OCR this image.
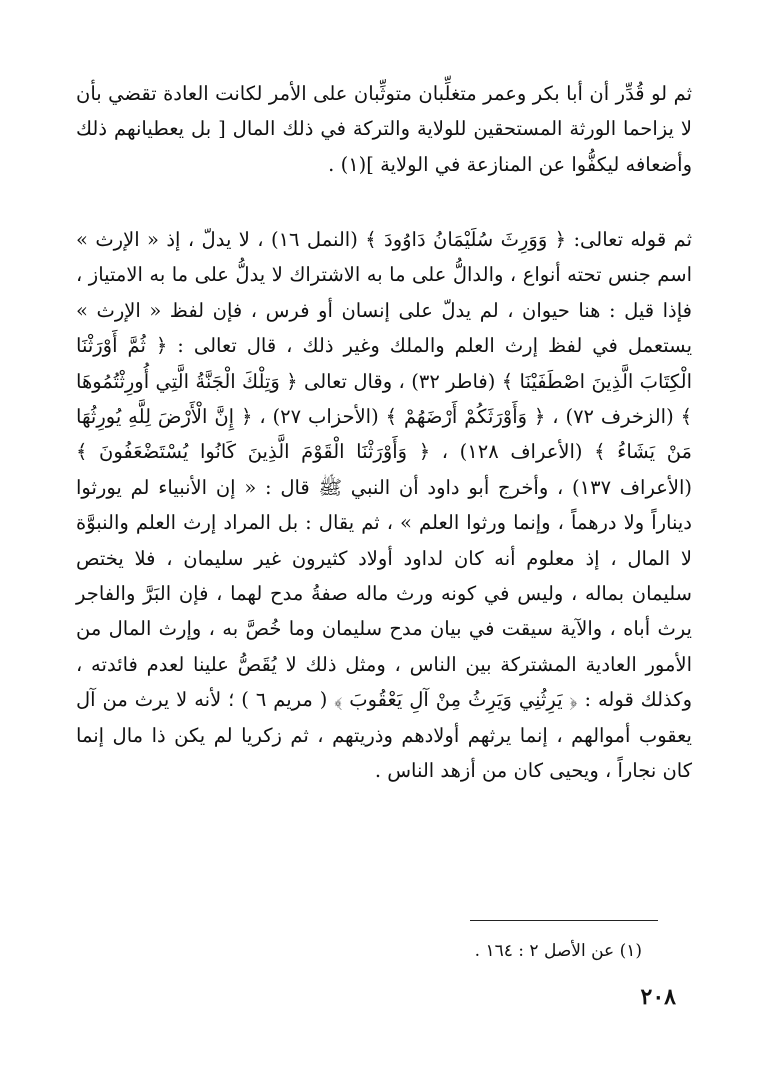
ثم لو قُدِّر أن أبا بكر وعمر متغلِّبان متوثِّبان على الأمر لكانت العادة تقضي بأن لا يزاحما الورثة المستحقين للولاية والتركة في ذلك المال [ بل يعطيانهم ذلك وأضعافه ليكفُّوا عن المنازعة في الولاية ](١) .

ثم قوله تعالى: ﴿ وَوَرِثَ سُلَيْمَانُ دَاوُودَ ﴾ (النمل ١٦) ، لا يدلّ ، إذ « الإرث » اسم جنس تحته أنواع ، والدالُّ على ما به الاشتراك لا يدلُّ على ما به الامتياز ، فإذا قيل : هنا حيوان ، لم يدلّ على إنسان أو فرس ، فإن لفظ « الإرث » يستعمل في لفظ إرث العلم والملك وغير ذلك ، قال تعالى : ﴿ ثُمَّ أَوْرَثْنَا الْكِتَابَ الَّذِينَ اصْطَفَيْنَا ﴾ (فاطر ٣٢) ، وقال تعالى ﴿ وَتِلْكَ الْجَنَّةُ الَّتِي أُورِثْتُمُوهَا ﴾ (الزخرف ٧٢) ، ﴿ وَأَوْرَثَكُمْ أَرْضَهُمْ ﴾ (الأحزاب ٢٧) ، ﴿ إِنَّ الْأَرْضَ لِلَّهِ يُورِثُهَا مَنْ يَشَاءُ ﴾ (الأعراف ١٢٨) ، ﴿ وَأَوْرَثْنَا الْقَوْمَ الَّذِينَ كَانُوا يُسْتَضْعَفُونَ ﴾ (الأعراف ١٣٧) ، وأخرج أبو داود أن النبي ﷺ قال : « إن الأنبياء لم يورثوا ديناراً ولا درهماً ، وإنما ورثوا العلم » ، ثم يقال : بل المراد إرث العلم والنبوَّة لا المال ، إذ معلوم أنه كان لداود أولاد كثيرون غير سليمان ، فلا يختص سليمان بماله ، وليس في كونه ورث ماله صفةُ مدح لهما ، فإن البَرَّ والفاجر يرث أباه ، والآية سيقت في بيان مدح سليمان وما خُصَّ به ، وإرث المال من الأمور العادية المشتركة بين الناس ، ومثل ذلك لا يُقَصُّ علينا لعدم فائدته ، وكذلك قوله : ﴿ يَرِثُنِي وَيَرِثُ مِنْ آلِ يَعْقُوبَ ﴾ ( مريم ٦ ) ؛ لأنه لا يرث من آل يعقوب أموالهم ، إنما يرثهم أولادهم وذريتهم ، ثم زكريا لم يكن ذا مال إنما كان نجاراً ، ويحيى كان من أزهد الناس .

(١) عن الأصل ٢ : ١٦٤ .
٢٠٨
